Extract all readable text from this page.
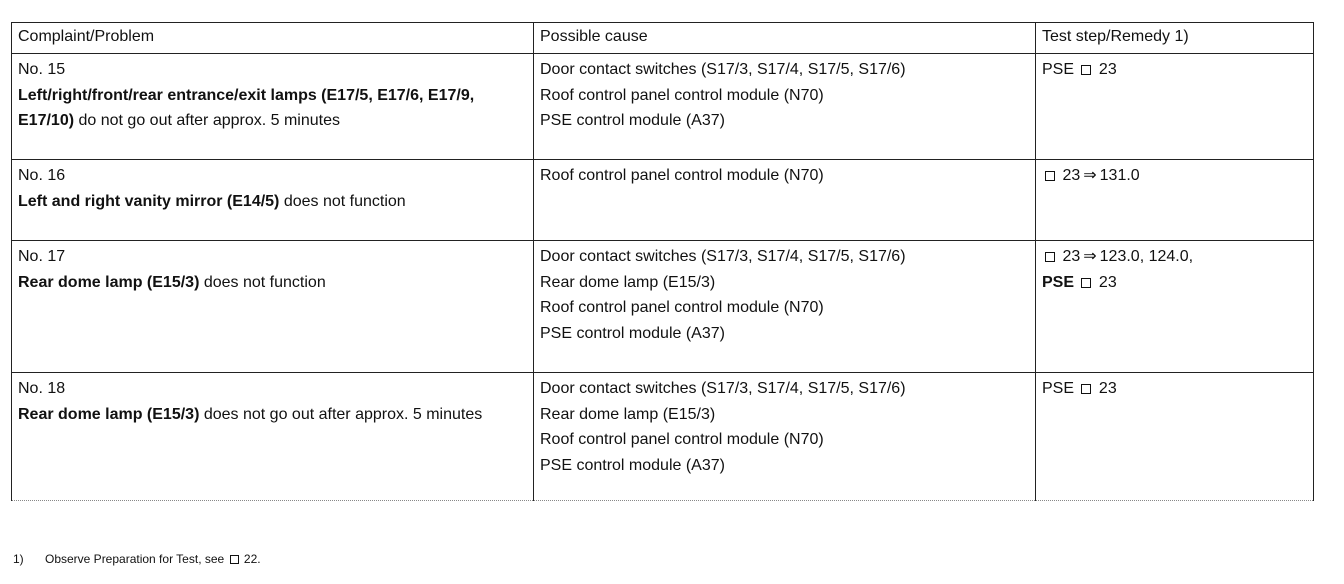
Complaint/Problem	Possible cause	Test step/Remedy 1)

No. 15
Left/right/front/rear entrance/exit lamps (E17/5, E17/6, E17/9, E17/10) do not go out after approx. 5 minutes	Door contact switches (S17/3, S17/4, S17/5, S17/6)
Roof control panel control module (N70)
PSE control module (A37)	PSE 23

No. 16
Left and right vanity mirror (E14/5) does not function	Roof control panel control module (N70)	23 ⇒ 131.0

No. 17
Rear dome lamp (E15/3) does not function	Door contact switches (S17/3, S17/4, S17/5, S17/6)
Rear dome lamp (E15/3)
Roof control panel control module (N70)
PSE control module (A37)	23 ⇒ 123.0, 124.0,
PSE 23

No. 18
Rear dome lamp (E15/3) does not go out after approx. 5 minutes	Door contact switches (S17/3, S17/4, S17/5, S17/6)
Rear dome lamp (E15/3)
Roof control panel control module (N70)
PSE control module (A37)	PSE 23
1) Observe Preparation for Test, see 22.
